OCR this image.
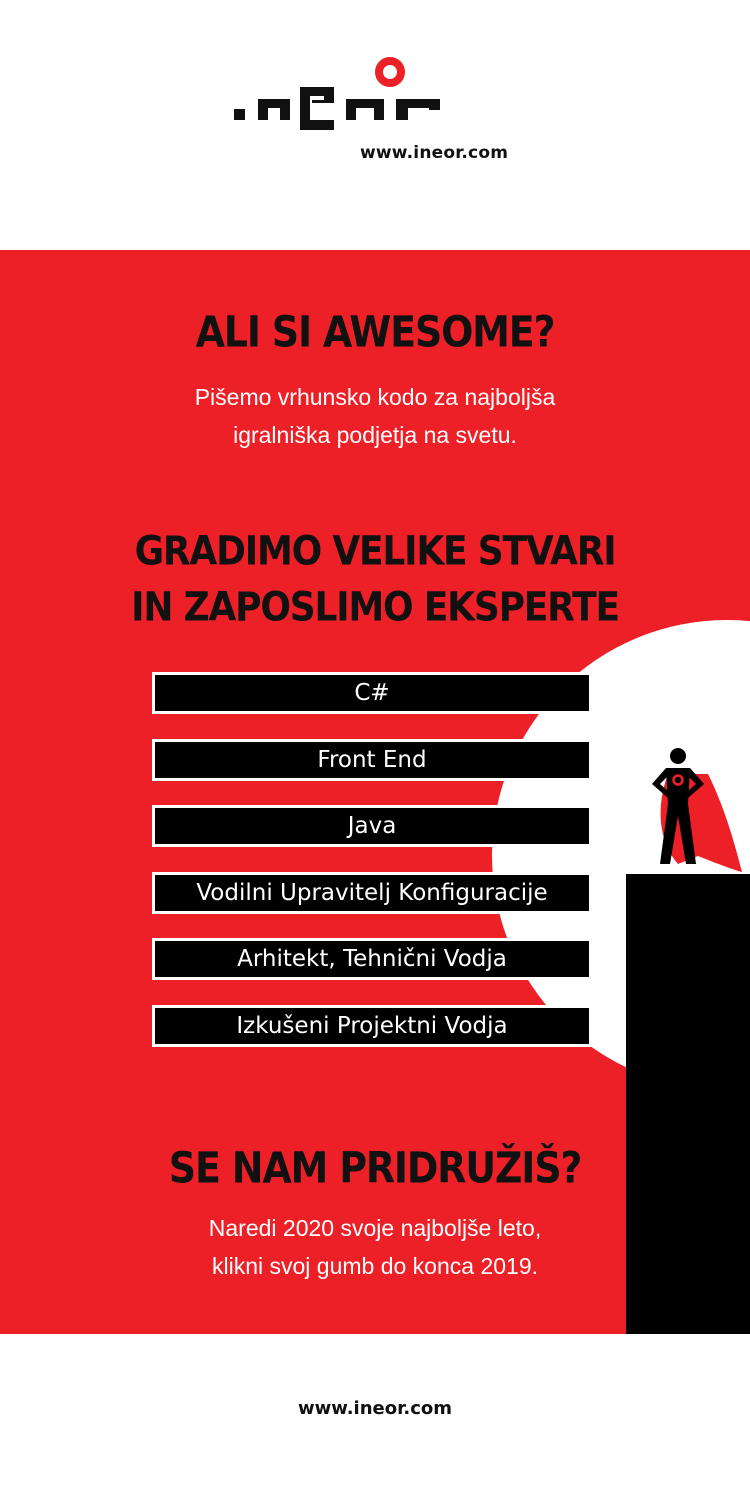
www.ineor.com
ALI SI AWESOME?
Pišemo vrhunsko kodo za najboljša
igralniška podjetja na svetu.
GRADIMO VELIKE STVARI
IN ZAPOSLIMO EKSPERTE
C#
Front End
Java
Vodilni Upravitelj Konfiguracije
Arhitekt, Tehnični Vodja
Izkušeni Projektni Vodja
SE NAM PRIDRUŽIŠ?
Naredi 2020 svoje najboljše leto,
klikni svoj gumb do konca 2019.
www.ineor.com
